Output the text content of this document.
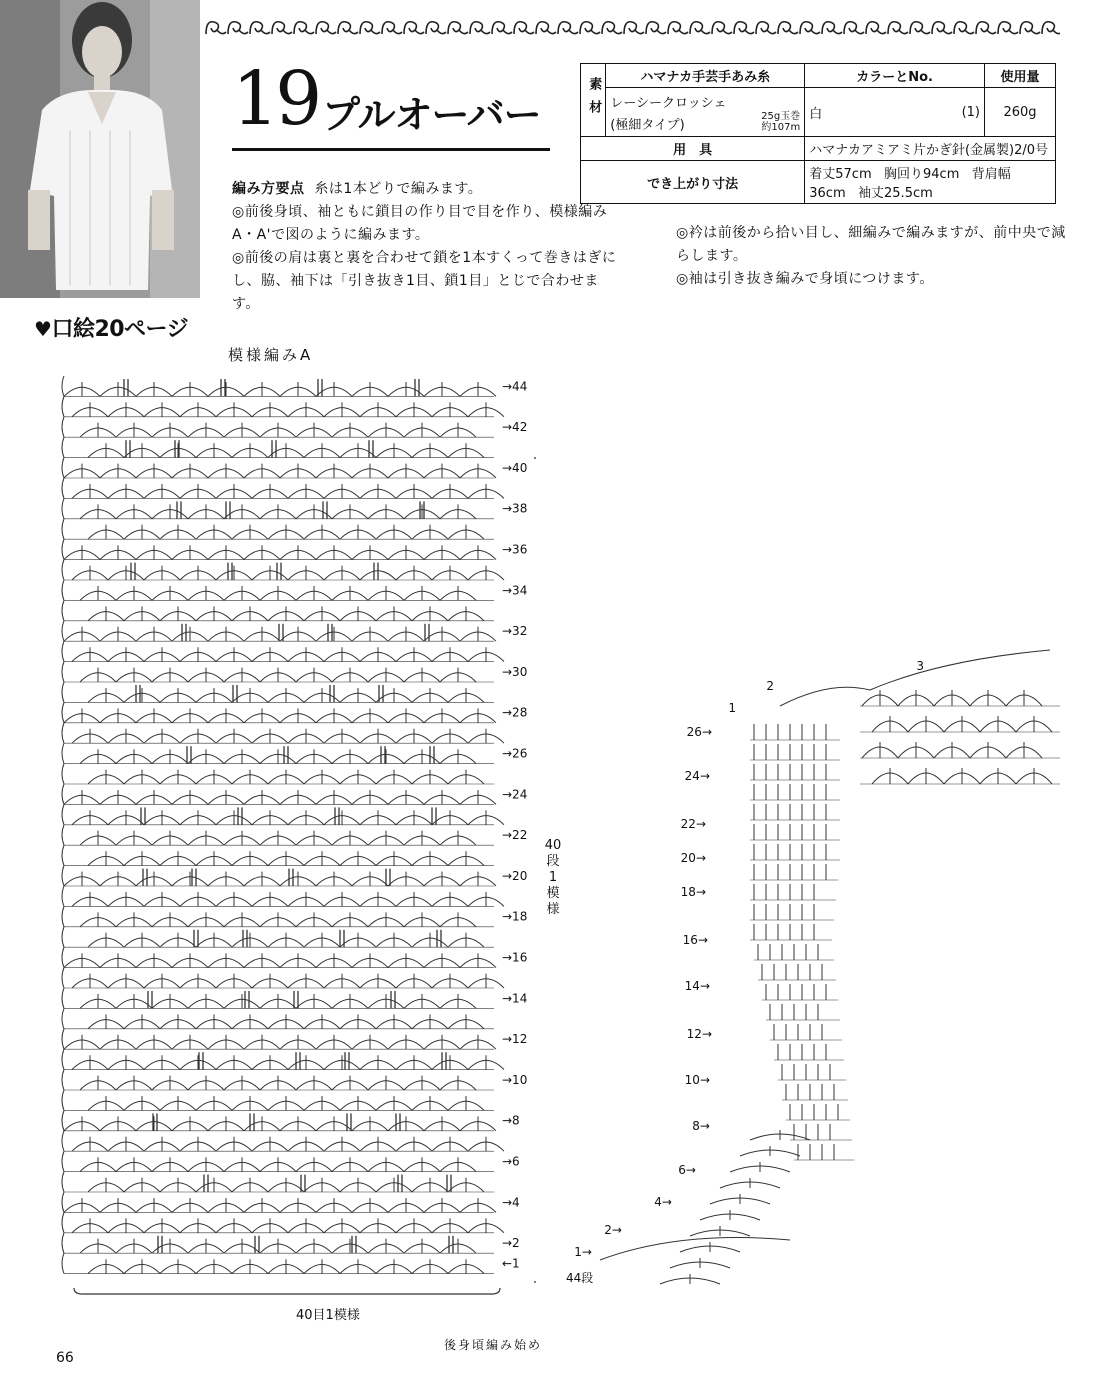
19 プルオーバー	素材	ハマナカ手芸手あみ糸	カラーとNo.		使用量

	レーシークロッシェ
(極細タイプ)
25g玉巻
約107m	白	(1)	260g
用　具		ハマナカアミアミ片かぎ針(金属製)2/0号		
でき上がり寸法		着丈57cm 胸回り94cm 背肩幅36cm 袖丈25.5cm		
編み方要点 糸は1本どりで編みます。
◎前後身頃、袖ともに鎖目の作り目で目を作り、模様編みA・A'で図のように編みます。
◎前後の肩は裏と裏を合わせて鎖を1本すくって巻きはぎにし、脇、袖下は「引き抜き1目、鎖1目」とじで合わせます。
◎衿は前後から拾い目し、細編みで編みますが、前中央で減らします。
◎袖は引き抜き編みで身頃につけます。
♥口絵20ページ
模様編みA
→44
→42
→40
→38
→36
→34
→32
→30
→28
→26
→24
→22
→20
→18
→16
→14
→12
→10
→8
→6
→4
→2
←1
40段1模様
40目1模様
後身頃編み始め
3
2
1
26→
24→
22→
20→
18→
16→
14→
12→
10→
8→
6→
4→
2→
1→
44段
66
